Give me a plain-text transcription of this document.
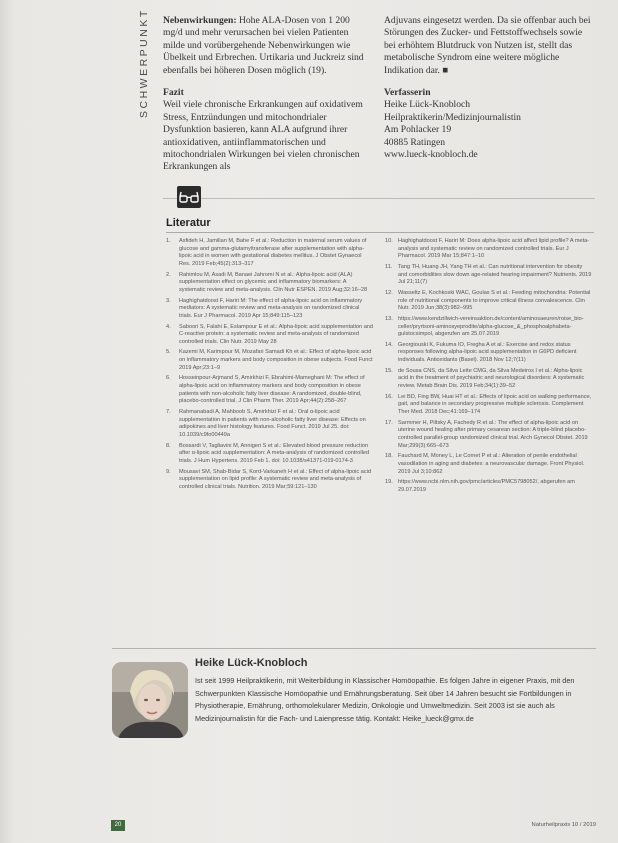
SCHWERPUNKT Nebenwirkungen: Hohe ALA-Dosen von 1 200 mg/d und mehr verursachen bei vielen Patienten milde und vorübergehende Nebenwirkungen wie Übelkeit und Erbrechen. Urtikaria und Juckreiz sind ebenfalls bei höheren Dosen möglich (19).

Fazit

Weil viele chronische Erkrankungen auf oxidativem Stress, Entzündungen und mitochondrialer Dysfunktion basieren, kann ALA aufgrund ihrer antioxidativen, antiinflammatorischen und mitochondrialen Wirkungen bei vielen chronischen Erkrankungen als

Adjuvans eingesetzt werden. Da sie offenbar auch bei Störungen des Zucker- und Fettstoffwechsels sowie bei erhöhtem Blutdruck von Nutzen ist, stellt das metabolische Syndrom eine weitere mögliche Indikation dar. ■

Verfasserin

Heike Lück-Knobloch

Heilpraktikerin/Medizinjournalistin

Am Pohlacker 19

40885 Ratingen

www.lueck-knobloch.de

Literatur
1.	Asfideh H, Jamilian M, Bahe F et al.: Reduction in maternal serum values of glucose and gamma-glutamyltransferase after supplementation with alpha-lipoic acid in women with gestational diabetes mellitus. J Obstet Gynaecol Res. 2019 Feb;45(2):313–317
2.	Rahimlou M, Asadi M, Banaei Jahromi N et al.: Alpha-lipoic acid (ALA) supplementation effect on glycemic and inflammatory biomarkers: A systematic review and meta-analysis. Clin Nutr ESPEN. 2019 Aug;32:16–28
3.	Haghighatdoost F, Hariri M: The effect of alpha-lipoic acid on inflammatory mediators: A systematic review and meta-analysis on randomized clinical trials. Eur J Pharmacol. 2019 Apr 15;849:115–123
4.	Saboori S, Falahi E, Eslampour E et al.: Alpha-lipoic acid supplementation and C-reactive protein: a systematic review and meta-analysis of randomized controlled trials. Clin Nutr. 2019 May 28
5.	Kazemi M, Karimpour M, Mozafari Samadi Kh et al.: Effect of alpha-lipoic acid on inflammatory markers and body composition in obese subjects. Food Funct 2019 Apr;23:1–9
6.	Hosseinpour-Arjmand S, Amirkhizi F, Ebrahimi-Mameghani M: The effect of alpha-lipoic acid on inflammatory markers and body composition in obese patients with non-alcoholic fatty liver disease: A randomized, double-blind, placebo-controlled trial. J Clin Pharm Ther. 2019 Apr;44(2):258–267
7.	Rahmanabadi A, Mahboob S, Amirkhizi F et al.: Oral α-lipoic acid supplementation in patients with non-alcoholic fatty liver disease: Effects on adipokines and liver histology features. Food Funct. 2019 Jul 25. doi: 10.1039/c9fo00449a
8.	Bossardi V, Tagliavini M, Annigeri S et al.: Elevated blood pressure reduction after α-lipoic acid supplementation: A meta-analysis of randomized controlled trials. J Hum Hypertens. 2019 Feb 1. doi: 10.1038/s41371-019-0174-3
9.	Mousavi SM, Shab-Bidar S, Kord-Varkaneh H et al.: Effect of alpha-lipoic acid supplementation on lipid profile: A systematic review and meta-analysis of controlled clinical trials. Nutrition. 2019 Mar;59:121–130
10. Haghighatdoost F, Hariri M: Does alpha-lipoic acid affect lipid profile? A meta-analysis and systematic review on randomized controlled trials. Eur J Pharmacol. 2019 Mar 15;847:1–10
11.	Tang TH, Huang JH, Yang TH et al.: Can nutritional intervention for obesity and comorbidities slow down age-related hearing impairment? Nutrients. 2019 Jul 21;11(7)
12. Wasseltz E, Kochkoski WAC, Goulas S et al.: Feeding mitochondria: Potential role of nutritional components to improve critical illness convalescence. Clin Nutr. 2019 Jun;38(3):982–995
13. https://www.kendzillwich-vereinsaktion.de/content/aminosaeuren/roise_bio-celler/pryrtsoni-aminosyeprodite/alpha-glucose_&_phosphoalphabeta-gulstocsimpol, abgerufen am 25.07.2019
14. Georgiouski K, Fukuma IO, Fregha A et al.: Exercise and redox status responses following alpha-lipoic acid supplementation in G6PD deficient individuals. Antioxidants (Basel). 2018 Nov 12;7(11)
15. de Sousa CNS, da Silva Leite CMG, da Silva Medeiros I et al.: Alpha-lipoic acid in the treatment of psychiatric and neurological disorders: A systematic review. Metab Brain Dis. 2019 Feb;34(1):39–52
16. Lei BD, Fing BW, Huai HT et al.: Effects of lipoic acid on walking performance, gait, and balance in secondary progressive multiple sclerosis. Complement Ther Med. 2018 Dec;41:169–174
17. Sarmmer H, Piltsky A, Fachedy R et al.: The effect of alpha-lipoic acid on uterine wound healing after primary cesarean section: A triple-blind placebo-controlled parallel-group randomized clinical trial. Arch Gynecol Obstet. 2019 Mar;299(3):665–673
18. Fauchard M, Money L, Le Cornet P et al.: Alteration of penile endothelial vasodilation in aging and diabetes: a neurovascular damage. Front Physiol. 2019 Jul 3;10:862
19. https://www.ncbi.nlm.nih.gov/pmc/articles/PMC5798052/, abgerufen am 29.07.2019
Heike Lück-Knobloch
Ist seit 1999 Heilpraktikerin, mit Weiterbildung in Klassischer Homöopathie. Es folgen Jahre in eigener Praxis, mit den Schwerpunkten Klassische Homöopathie und Ernährungsberatung. Seit über 14 Jahren besucht sie Fortbildungen in Physiotherapie, Ernährung, orthomolekularer Medizin, Onkologie und Umweltmedizin. Seit 2003 ist sie auch als Medizinjournalistin für die Fach- und Laienpresse tätig. Kontakt: Heike_lueck@gmx.de
20	Naturheilpraxis 10 / 2019
